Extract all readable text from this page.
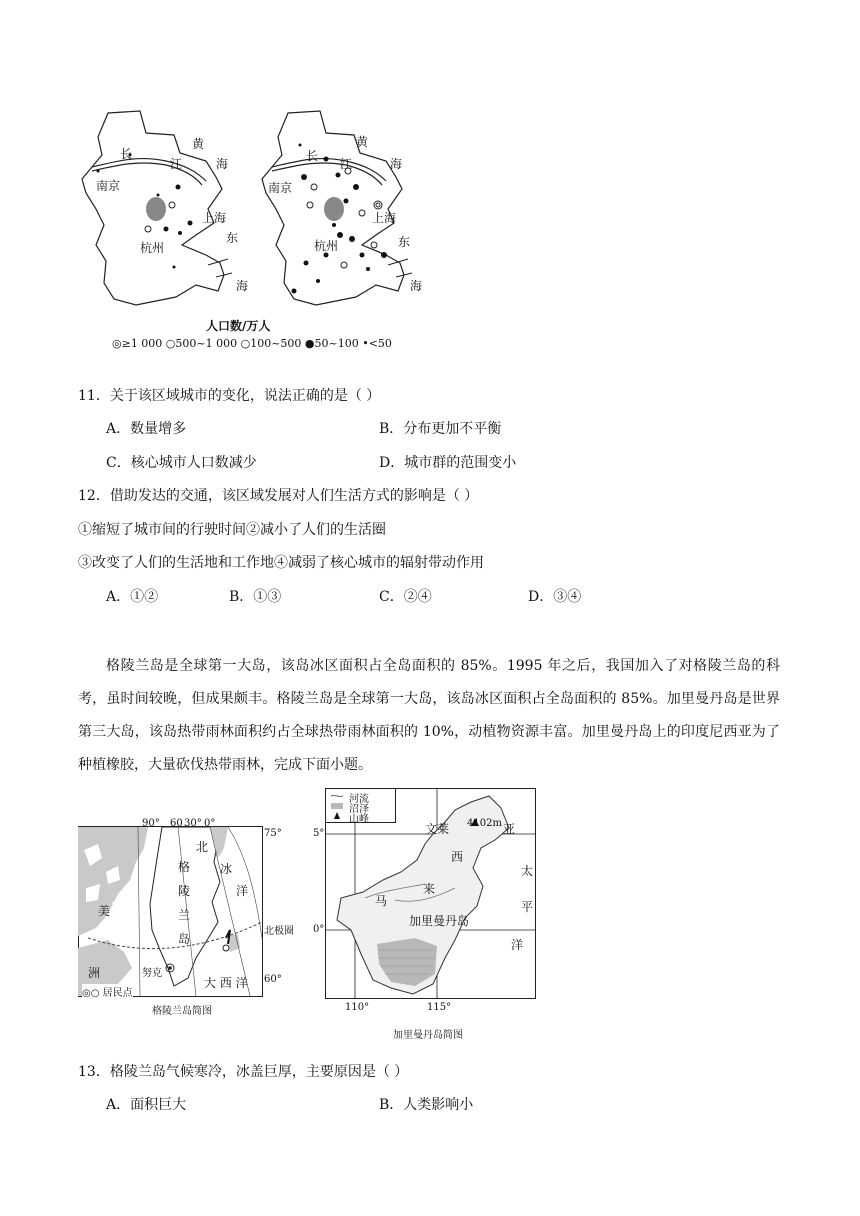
南京
长
江
黄
海
上海
杭州
东
海
南京
长
江
黄
海
上海
杭州	东
海
人口数/万人
◎≥1 000 ○500~1 000 ○100~500 ●50~100 •<50
11．关于该区域城市的变化，说法正确的是（ ）
A．数量增多	B．分布更加不平衡
C．核心城市人口数减少	D．城市群的范围变小
12．借助发达的交通，该区域发展对人们生活方式的影响是（ ）
①缩短了城市间的行驶时间②减小了人们的生活圈
③改变了人们的生活地和工作地④减弱了核心城市的辐射带动作用
A．①②	B．①③	C．②④	D．③④

格陵兰岛是全球第一大岛，该岛冰区面积占全岛面积的 85%。1995 年之后，我国加入了对格陵兰岛的科考，虽时间较晚，但成果颇丰。格陵兰岛是全球第一大岛，该岛冰区面积占全岛面积的 85%。加里曼丹岛是世界第三大岛，该岛热带雨林面积约占全球热带雨林面积的 10%，动植物资源丰富。加里曼丹岛上的印度尼西亚为了种植橡胶，大量砍伐热带雨林，完成下面小题。

90° 60 30° 0°
75°
60°
北
冰
洋
格
陵
兰
岛
美
洲	努克
大 西 洋
北极圈
◎○ 居民点
格陵兰岛简图
河流
沼泽
山峰
5°
0°
110°	115°
文莱 4102m 亚
西
来
马
太
平
洋
加里曼丹岛
加里曼丹岛简图
13．格陵兰岛气候寒冷，冰盖巨厚，主要原因是（ ）
A．面积巨大	B．人类影响小
